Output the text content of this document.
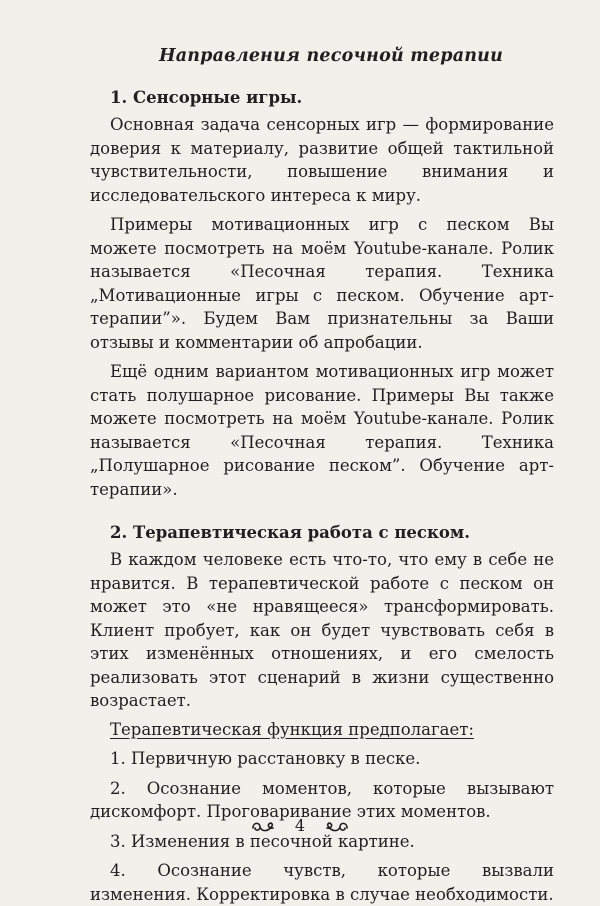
Направления песочной терапии
1. Сенсорные игры.

Основная задача сенсорных игр — формирование доверия к материалу, развитие общей тактильной чувствительности, повышение внимания и исследовательского интереса к миру.

Примеры мотивационных игр с песком Вы можете посмотреть на моём Youtube-канале. Ролик называется «Песочная терапия. Техника „Мотивационные игры с песком. Обучение арт-терапии”». Будем Вам признательны за Ваши отзывы и комментарии об апробации.

Ещё одним вариантом мотивационных игр может стать полушарное рисование. Примеры Вы также можете посмотреть на моём Youtube-канале. Ролик называется «Песочная терапия. Техника „Полушарное рисование песком”. Обучение арт-терапии».

2. Терапевтическая работа с песком.

В каждом человеке есть что-то, что ему в себе не нравится. В терапевтической работе с песком он может это «не нравящееся» трансформировать. Клиент пробует, как он будет чувствовать себя в этих изменённых отношениях, и его смелость реализовать этот сценарий в жизни существенно возрастает.

Терапевтическая функция предполагает:
1. Первичную расстановку в песке.
2. Осознание моментов, которые вызывают дискомфорт. Проговаривание этих моментов.
3. Изменения в песочной картине.
4. Осознание чувств, которые вызвали изменения. Корректировка в случае необходимости.
4
